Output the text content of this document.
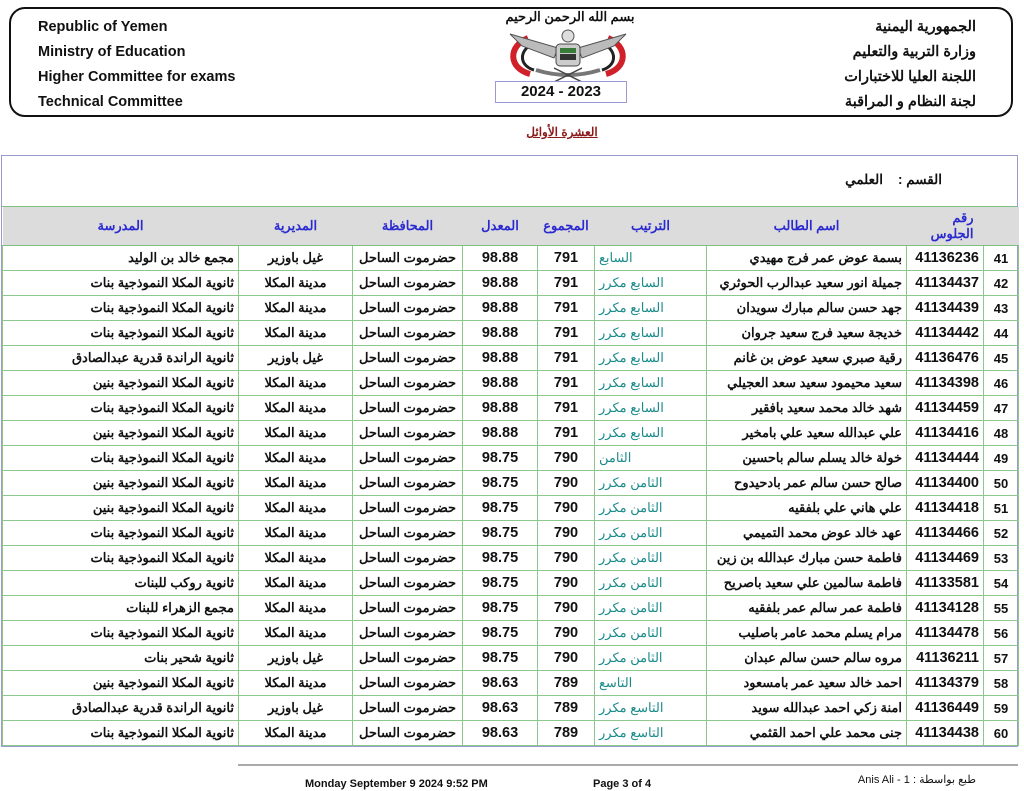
Republic of Yemen
Ministry of Education
Higher Committee for exams
Technical Committee
الجمهورية اليمنية
وزارة التربية والتعليم
اللجنة العليا للاختبارات
لجنة النظام و المراقبة
بسم الله الرحمن الرحيم
2024 - 2023
العشرة الأوائل
القسم :    العلمي
	رقم الجلوس	اسم الطالب	الترتيب	المجموع	المعدل	المحافظة	المديرية	المدرسة
41	41136236	بسمة عوض عمر فرج مهيدي	السابع	791	98.88	حضرموت الساحل	غيل باوزير	مجمع خالد بن الوليد
42	41134437	جميلة انور سعيد عبدالرب الحوثري	السابع مكرر	791	98.88	حضرموت الساحل	مدينة المكلا	ثانوية المكلا النموذجية بنات
43	41134439	جهد حسن سالم مبارك سويدان	السابع مكرر	791	98.88	حضرموت الساحل	مدينة المكلا	ثانوية المكلا النموذجية بنات
44	41134442	خديجة سعيد فرج سعيد جروان	السابع مكرر	791	98.88	حضرموت الساحل	مدينة المكلا	ثانوية المكلا النموذجية بنات
45	41136476	رقية صبري سعيد عوض بن غانم	السابع مكرر	791	98.88	حضرموت الساحل	غيل باوزير	ثانوية الراندة قدرية عبدالصادق
46	41134398	سعيد محيمود سعيد سعد العجيلي	السابع مكرر	791	98.88	حضرموت الساحل	مدينة المكلا	ثانوية المكلا النموذجية بنين
47	41134459	شهد خالد محمد سعيد بافقير	السابع مكرر	791	98.88	حضرموت الساحل	مدينة المكلا	ثانوية المكلا النموذجية بنات
48	41134416	علي عبدالله سعيد علي بامخير	السابع مكرر	791	98.88	حضرموت الساحل	مدينة المكلا	ثانوية المكلا النموذجية بنين
49	41134444	خولة خالد يسلم سالم باحسين	الثامن	790	98.75	حضرموت الساحل	مدينة المكلا	ثانوية المكلا النموذجية بنات
50	41134400	صالح حسن سالم عمر بادحيدوح	الثامن مكرر	790	98.75	حضرموت الساحل	مدينة المكلا	ثانوية المكلا النموذجية بنين
51	41134418	علي هاني علي بلفقيه	الثامن مكرر	790	98.75	حضرموت الساحل	مدينة المكلا	ثانوية المكلا النموذجية بنين
52	41134466	عهد خالد عوض محمد التميمي	الثامن مكرر	790	98.75	حضرموت الساحل	مدينة المكلا	ثانوية المكلا النموذجية بنات
53	41134469	فاطمة حسن مبارك عبدالله بن زين	الثامن مكرر	790	98.75	حضرموت الساحل	مدينة المكلا	ثانوية المكلا النموذجية بنات
54	41133581	فاطمة سالمين علي سعيد باصريح	الثامن مكرر	790	98.75	حضرموت الساحل	مدينة المكلا	ثانوية روكب للبنات
55	41134128	فاطمة عمر سالم عمر بلفقيه	الثامن مكرر	790	98.75	حضرموت الساحل	مدينة المكلا	مجمع الزهراء للبنات
56	41134478	مرام يسلم محمد عامر باصليب	الثامن مكرر	790	98.75	حضرموت الساحل	مدينة المكلا	ثانوية المكلا النموذجية بنات
57	41136211	مروه سالم حسن سالم عبدان	الثامن مكرر	790	98.75	حضرموت الساحل	غيل باوزير	ثانوية شحير بنات
58	41134379	احمد خالد سعيد عمر بامسعود	التاسع	789	98.63	حضرموت الساحل	مدينة المكلا	ثانوية المكلا النموذجية بنين
59	41136449	امنة زكي احمد عبدالله سويد	التاسع مكرر	789	98.63	حضرموت الساحل	غيل باوزير	ثانوية الراندة قدرية عبدالصادق
60	41134438	جنى محمد علي احمد القثمي	التاسع مكرر	789	98.63	حضرموت الساحل	مدينة المكلا	ثانوية المكلا النموذجية بنات
Monday September 9 2024 9:52 PM	Page 3 of 4	طبع بواسطة : 1 - Anis Ali
